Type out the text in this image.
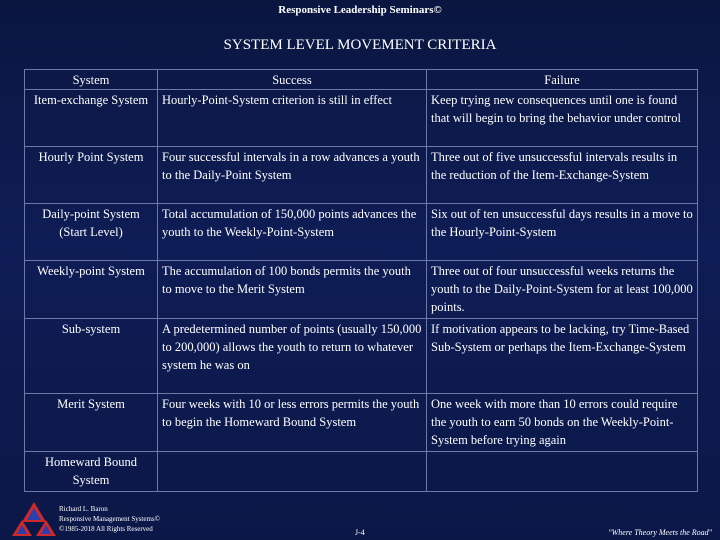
Responsive Leadership Seminars©
SYSTEM LEVEL MOVEMENT CRITERIA
System	Success	Failure
Item-exchange System	Hourly-Point-System criterion is still in effect	Keep trying new consequences until one is found that will begin to bring the behavior under control
Hourly Point System	Four successful intervals in a row advances a youth to the Daily-Point System	Three out of five unsuccessful intervals results in the reduction of the Item-Exchange-System
Daily-point System (Start Level)	Total accumulation of 150,000 points advances the youth to the Weekly-Point-System	Six out of ten unsuccessful days results in a move to the Hourly-Point-System
Weekly-point System	The accumulation of 100 bonds permits the youth to move to the Merit System	Three out of four unsuccessful weeks returns the youth to the Daily-Point-System for at least 100,000 points.
Sub-system	A predetermined number of points (usually 150,000 to 200,000) allows the youth to return to whatever system he was on	If motivation appears to be lacking, try Time-Based Sub-System or perhaps the Item-Exchange-System
Merit System	Four weeks with 10 or less errors permits the youth to begin the Homeward Bound System	One week with more than 10 errors could require the youth to earn 50 bonds on the Weekly-Point-System before trying again
Homeward Bound System		
Richard L. Baron
Responsive Management Systems©
©1985-2018 All Rights Reserved	J-4	"Where Theory Meets the Road"
